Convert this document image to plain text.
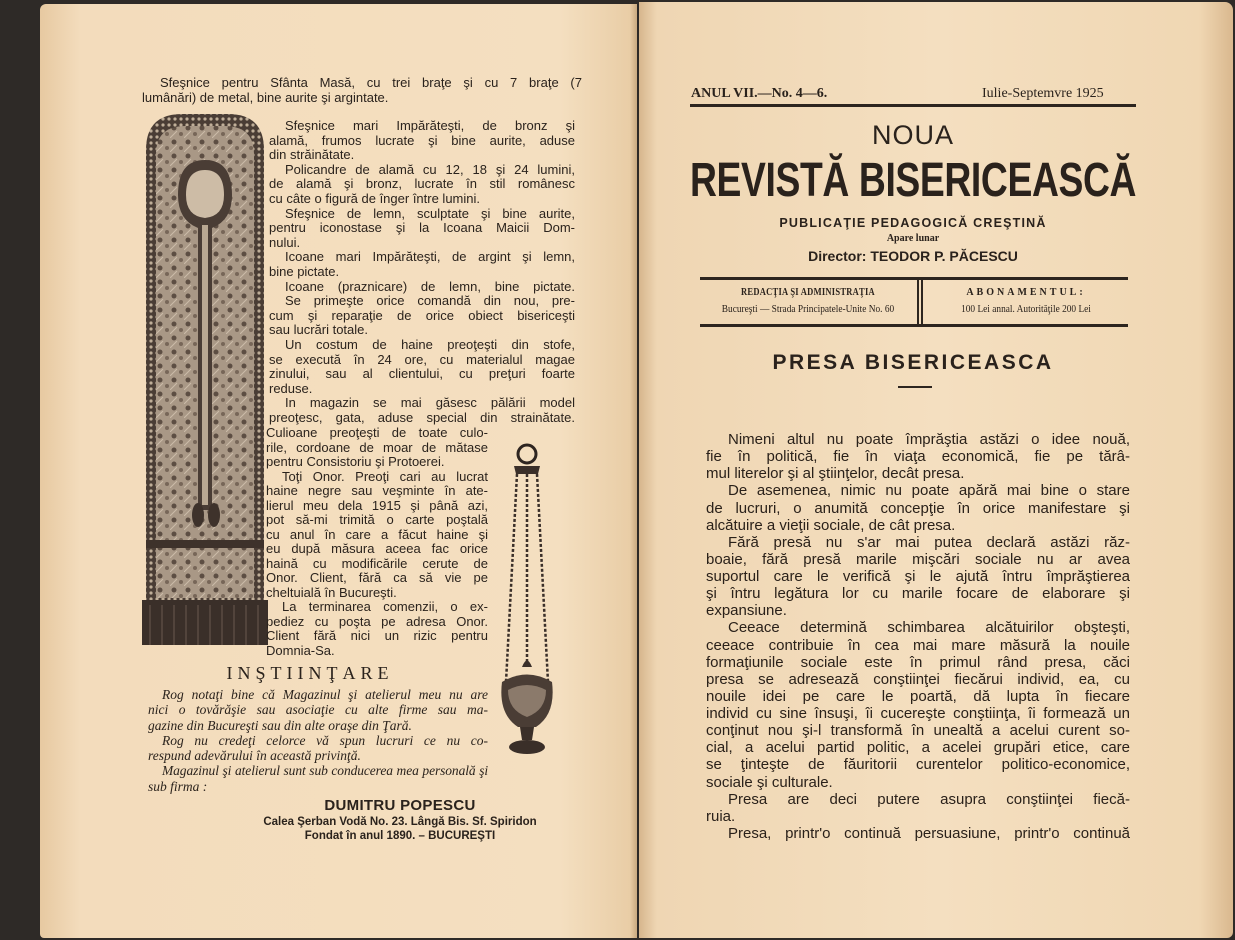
Sfeşnice pentru Sfânta Masă, cu trei braţe şi cu 7 braţe (7
lumânări) de metal, bine aurite şi argintate.
Sfeşnice mari Impărăteşti, de bronz şi
alamă, frumos lucrate şi bine aurite, aduse
din străinătate.
Policandre de alamă cu 12, 18 şi 24 lumini,
de alamă şi bronz, lucrate în stil românesc
cu câte o figură de înger între lumini.
Sfeşnice de lemn, sculptate şi bine aurite,
pentru iconostase şi la Icoana Maicii Dom-
nului.
Icoane mari Impărăteşti, de argint şi lemn,
bine pictate.
Icoane (praznicare) de lemn, bine pictate.
Se primeşte orice comandă din nou, pre-
cum şi reparaţie de orice obiect bisericeşti
sau lucrări totale.
Un costum de haine preoţeşti din stofe,
se execută în 24 ore, cu materialul magae
zinului, sau al clientului, cu preţuri foarte
reduse.
In magazin se mai găsesc pălării model
preoţesc, gata, aduse special din strainătate.
Culioane preoţeşti de toate culo-
rile, cordoane de moar de mătase
pentru Consistoriu şi Protoerei.
Toţi Onor. Preoţi cari au lucrat
haine negre sau veşminte în ate-
lierul meu dela 1915 şi până azi,
pot să-mi trimită o carte poştală
cu anul în care a făcut haine şi
eu după măsura aceea fac orice
haină cu modificările cerute de
Onor. Client, fără ca să vie pe
cheltuială în Bucureşti.
La terminarea comenzii, o ex-
pediez cu poşta pe adresa Onor.
Client fără nici un rizic pentru
Domnia-Sa.
INŞTIINŢARE
Rog notaţi bine că Magazinul şi atelierul meu nu are
nici o tovărăşie sau asociaţie cu alte firme sau ma-
gazine din Bucureşti sau din alte oraşe din Ţară.
Rog nu credeţi celorce vă spun lucruri ce nu co-
respund adevărului în această privinţă.
Magazinul şi atelierul sunt sub conducerea mea personală şi
sub firma :
DUMITRU POPESCU
Calea Şerban Vodă No. 23. Lângă Bis. Sf. Spiridon
Fondat în anul 1890. – BUCUREŞTI
ANUL VII.—No. 4—6.	Iulie-Septemvre 1925
NOUA
REVISTĂ BISERICEASCĂ
PUBLICAŢIE PEDAGOGICĂ CREŞTINĂ
Apare lunar
Director: TEODOR P. PĂCESCU
REDACŢIA ŞI ADMINISTRAŢIA
Bucureşti — Strada Principatele-Unite No. 60
ABONAMENTUL:
100 Lei annal. Autorităţile 200 Lei
PRESA BISERICEASCA
Nimeni altul nu poate împrăştia astăzi o idee nouă,
fie în politică, fie în viaţa economică, fie pe tărâ-
mul literelor şi al ştiinţelor, decât presa.
De asemenea, nimic nu poate apără mai bine o stare
de lucruri, o anumită concepţie în orice manifestare şi
alcătuire a vieţii sociale, de cât presa.
Fără presă nu s'ar mai putea declară astăzi răz-
boaie, fără presă marile mişcări sociale nu ar avea
suportul care le verifică şi le ajută întru împrăştierea
şi întru legătura lor cu marile focare de elaborare şi
expansiune.
Ceeace determină schimbarea alcătuirilor obşteşti,
ceeace contribuie în cea mai mare măsură la nouile
formaţiunile sociale este în primul rând presa, căci
presa se adresează conştiinţei fiecărui individ, ea, cu
nouile idei pe care le poartă, dă lupta în fiecare
individ cu sine însuşi, îi cucereşte conştiinţa, îi formează un
conţinut nou şi-l transformă în unealtă a acelui curent so-
cial, a acelui partid politic, a acelei grupări etice, care
se ţinteşte de făuritorii curentelor politico-economice,
sociale şi culturale.
Presa are deci putere asupra conştiinţei fiecă-
ruia.
Presa, printr'o continuă persuasiune, printr'o continuă
